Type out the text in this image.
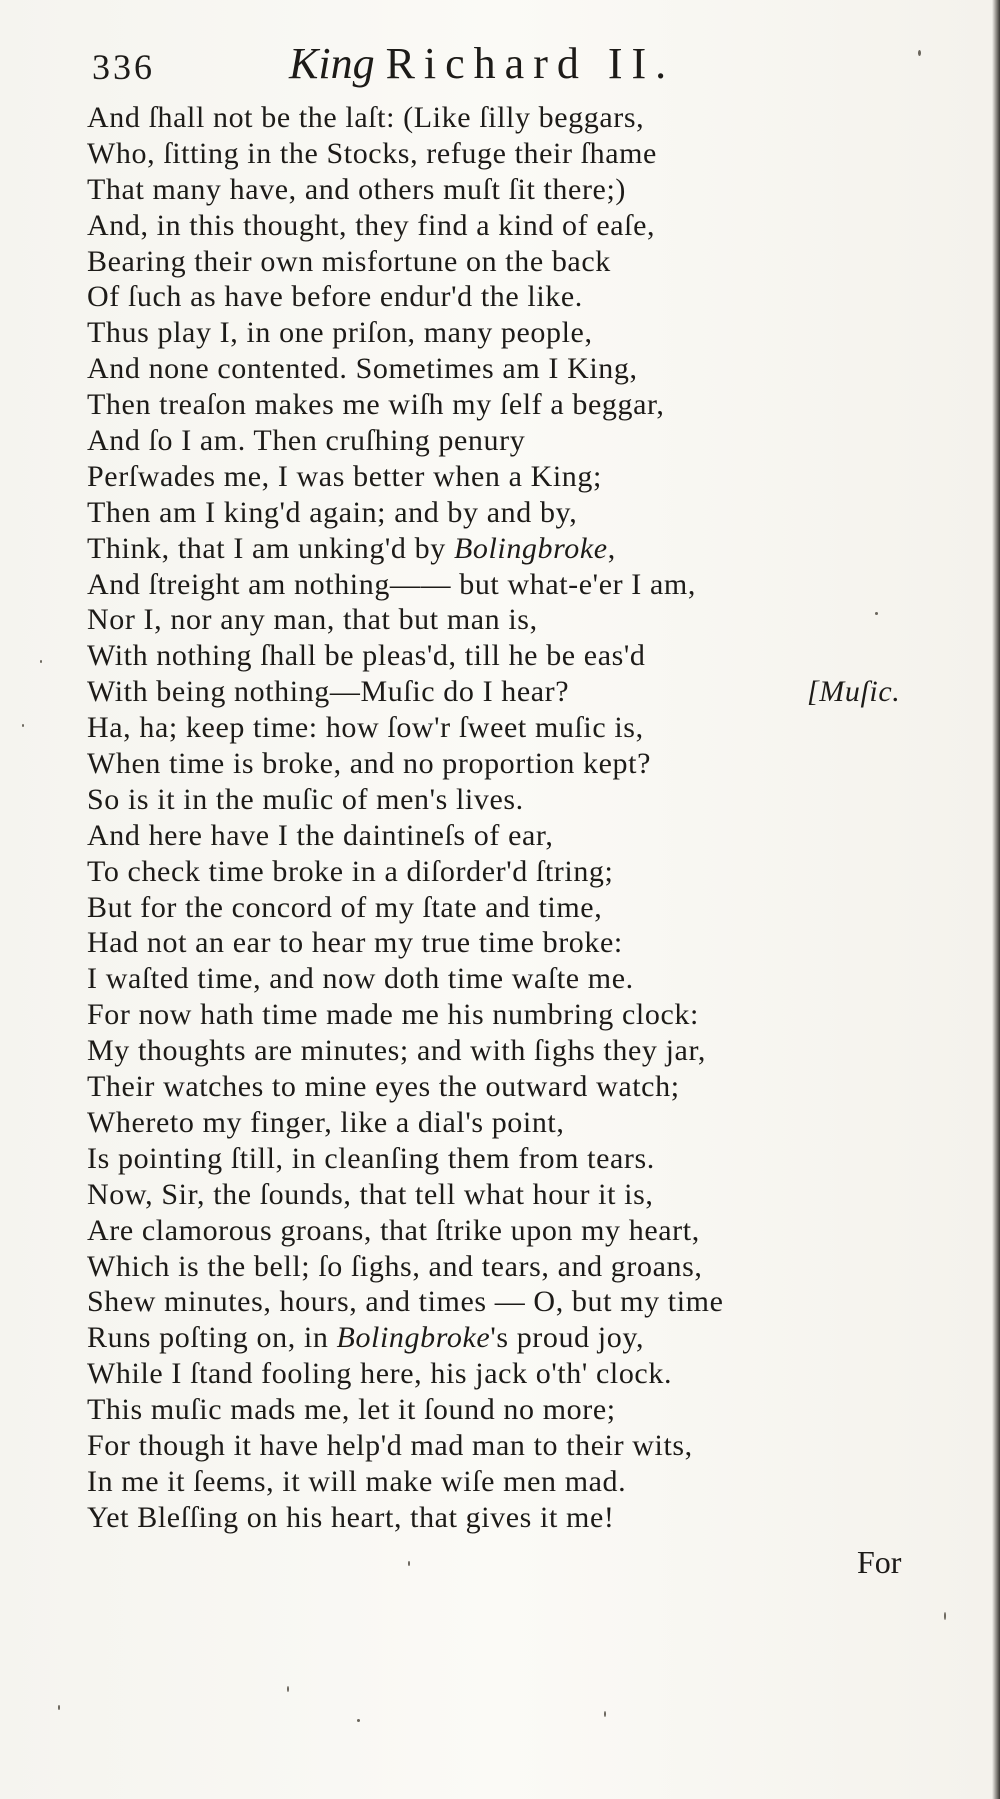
336	King Richard II.
And ſhall not be the laſt: (Like ſilly beggars,
Who, ſitting in the Stocks, refuge their ſhame
That many have, and others muſt ſit there;)
And, in this thought, they find a kind of eaſe,
Bearing their own misfortune on the back
Of ſuch as have before endur'd the like.
Thus play I, in one priſon, many people,
And none contented. Sometimes am I King,
Then treaſon makes me wiſh my ſelf a beggar,
And ſo I am. Then cruſhing penury
Perſwades me, I was better when a King;
Then am I king'd again; and by and by,
Think, that I am unking'd by Bolingbroke,
And ſtreight am nothing—— but what-e'er I am,
Nor I, nor any man, that but man is,
With nothing ſhall be pleas'd, till he be eas'd
With being nothing—Muſic do I hear?	[Muſic.
Ha, ha; keep time: how ſow'r ſweet muſic is,
When time is broke, and no proportion kept?
So is it in the muſic of men's lives.
And here have I the daintineſs of ear,
To check time broke in a diſorder'd ſtring;
But for the concord of my ſtate and time,
Had not an ear to hear my true time broke:
I waſted time, and now doth time waſte me.
For now hath time made me his numbring clock:
My thoughts are minutes; and with ſighs they jar,
Their watches to mine eyes the outward watch;
Whereto my finger, like a dial's point,
Is pointing ſtill, in cleanſing them from tears.
Now, Sir, the ſounds, that tell what hour it is,
Are clamorous groans, that ſtrike upon my heart,
Which is the bell; ſo ſighs, and tears, and groans,
Shew minutes, hours, and times — O, but my time
Runs poſting on, in Bolingbroke's proud joy,
While I ſtand fooling here, his jack o'th' clock.
This muſic mads me, let it ſound no more;
For though it have help'd mad man to their wits,
In me it ſeems, it will make wiſe men mad.
Yet Bleſſing on his heart, that gives it me!
For
